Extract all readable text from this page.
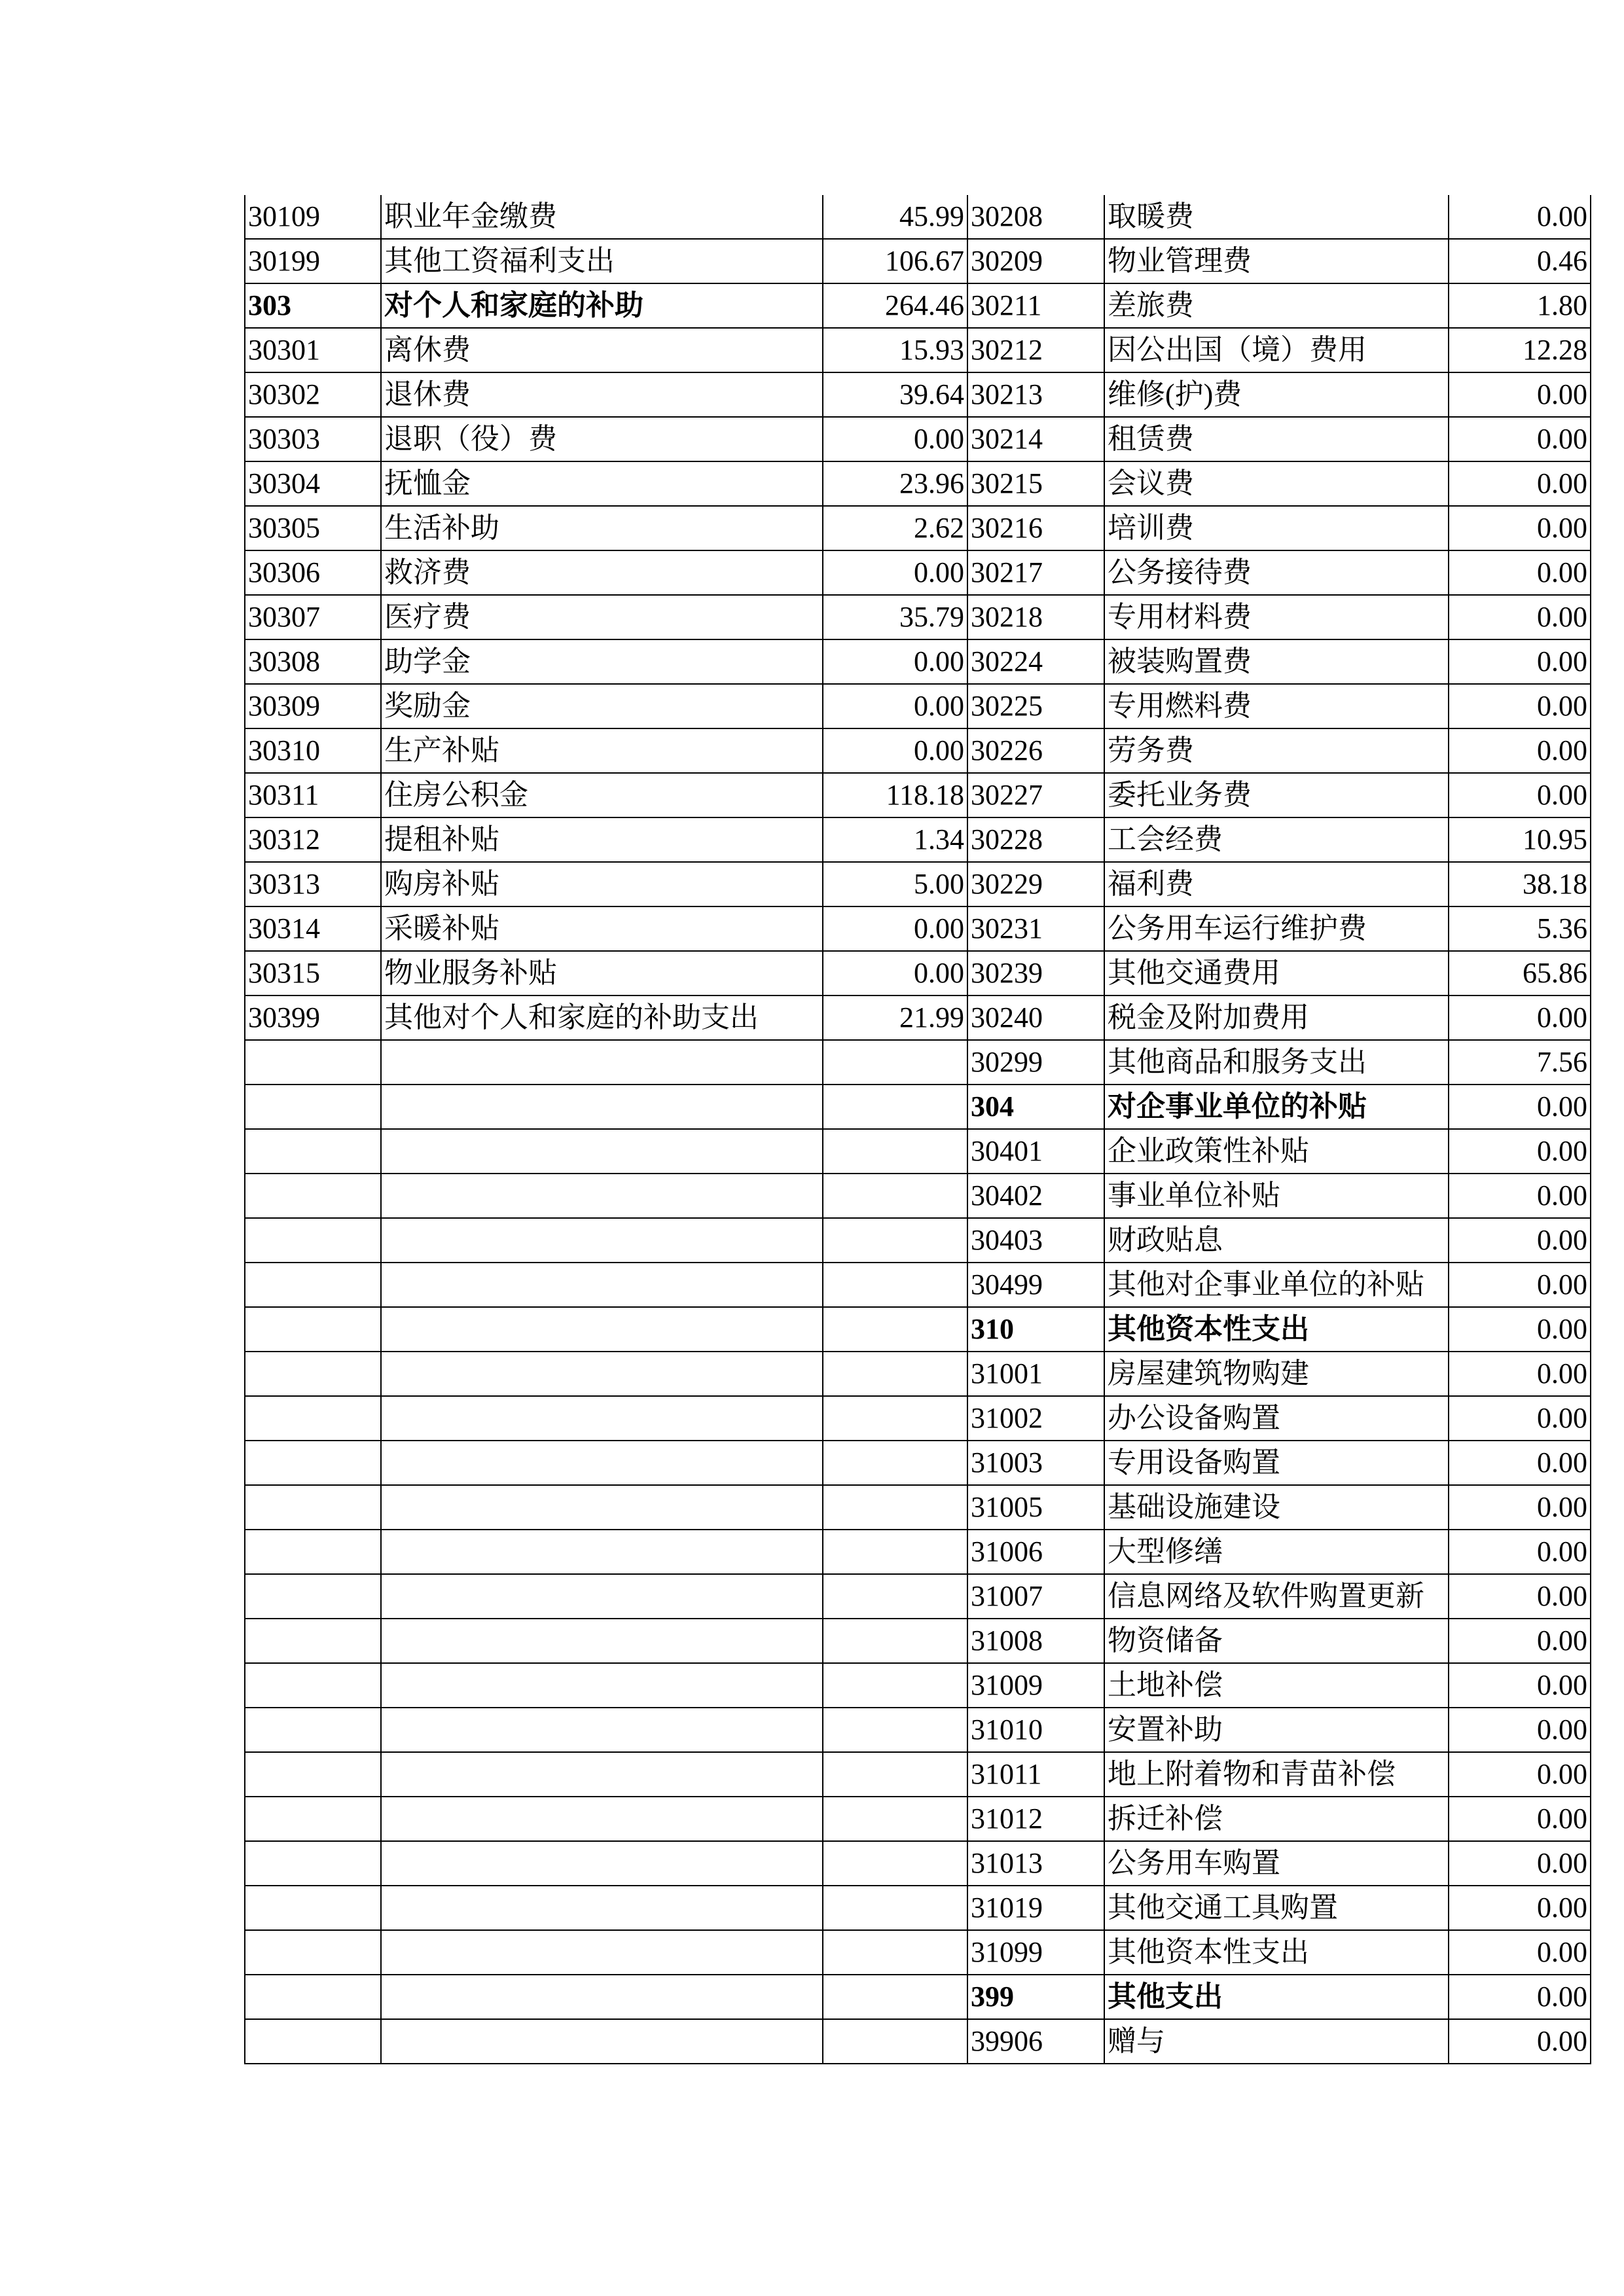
30109	职业年金缴费	45.99	30208	取暖费	0.00
30199	其他工资福利支出	106.67	30209	物业管理费	0.46
303	对个人和家庭的补助	264.46	30211	差旅费	1.80
30301	离休费	15.93	30212	因公出国（境）费用	12.28
30302	退休费	39.64	30213	维修(护)费	0.00
30303	退职（役）费	0.00	30214	租赁费	0.00
30304	抚恤金	23.96	30215	会议费	0.00
30305	生活补助	2.62	30216	培训费	0.00
30306	救济费	0.00	30217	公务接待费	0.00
30307	医疗费	35.79	30218	专用材料费	0.00
30308	助学金	0.00	30224	被装购置费	0.00
30309	奖励金	0.00	30225	专用燃料费	0.00
30310	生产补贴	0.00	30226	劳务费	0.00
30311	住房公积金	118.18	30227	委托业务费	0.00
30312	提租补贴	1.34	30228	工会经费	10.95
30313	购房补贴	5.00	30229	福利费	38.18
30314	采暖补贴	0.00	30231	公务用车运行维护费	5.36
30315	物业服务补贴	0.00	30239	其他交通费用	65.86
30399	其他对个人和家庭的补助支出	21.99	30240	税金及附加费用	0.00
			30299	其他商品和服务支出	7.56
			304	对企事业单位的补贴	0.00
			30401	企业政策性补贴	0.00
			30402	事业单位补贴	0.00
			30403	财政贴息	0.00
			30499	其他对企事业单位的补贴	0.00
			310	其他资本性支出	0.00
			31001	房屋建筑物购建	0.00
			31002	办公设备购置	0.00
			31003	专用设备购置	0.00
			31005	基础设施建设	0.00
			31006	大型修缮	0.00
			31007	信息网络及软件购置更新	0.00
			31008	物资储备	0.00
			31009	土地补偿	0.00
			31010	安置补助	0.00
			31011	地上附着物和青苗补偿	0.00
			31012	拆迁补偿	0.00
			31013	公务用车购置	0.00
			31019	其他交通工具购置	0.00
			31099	其他资本性支出	0.00
			399	其他支出	0.00
			39906	赠与	0.00
